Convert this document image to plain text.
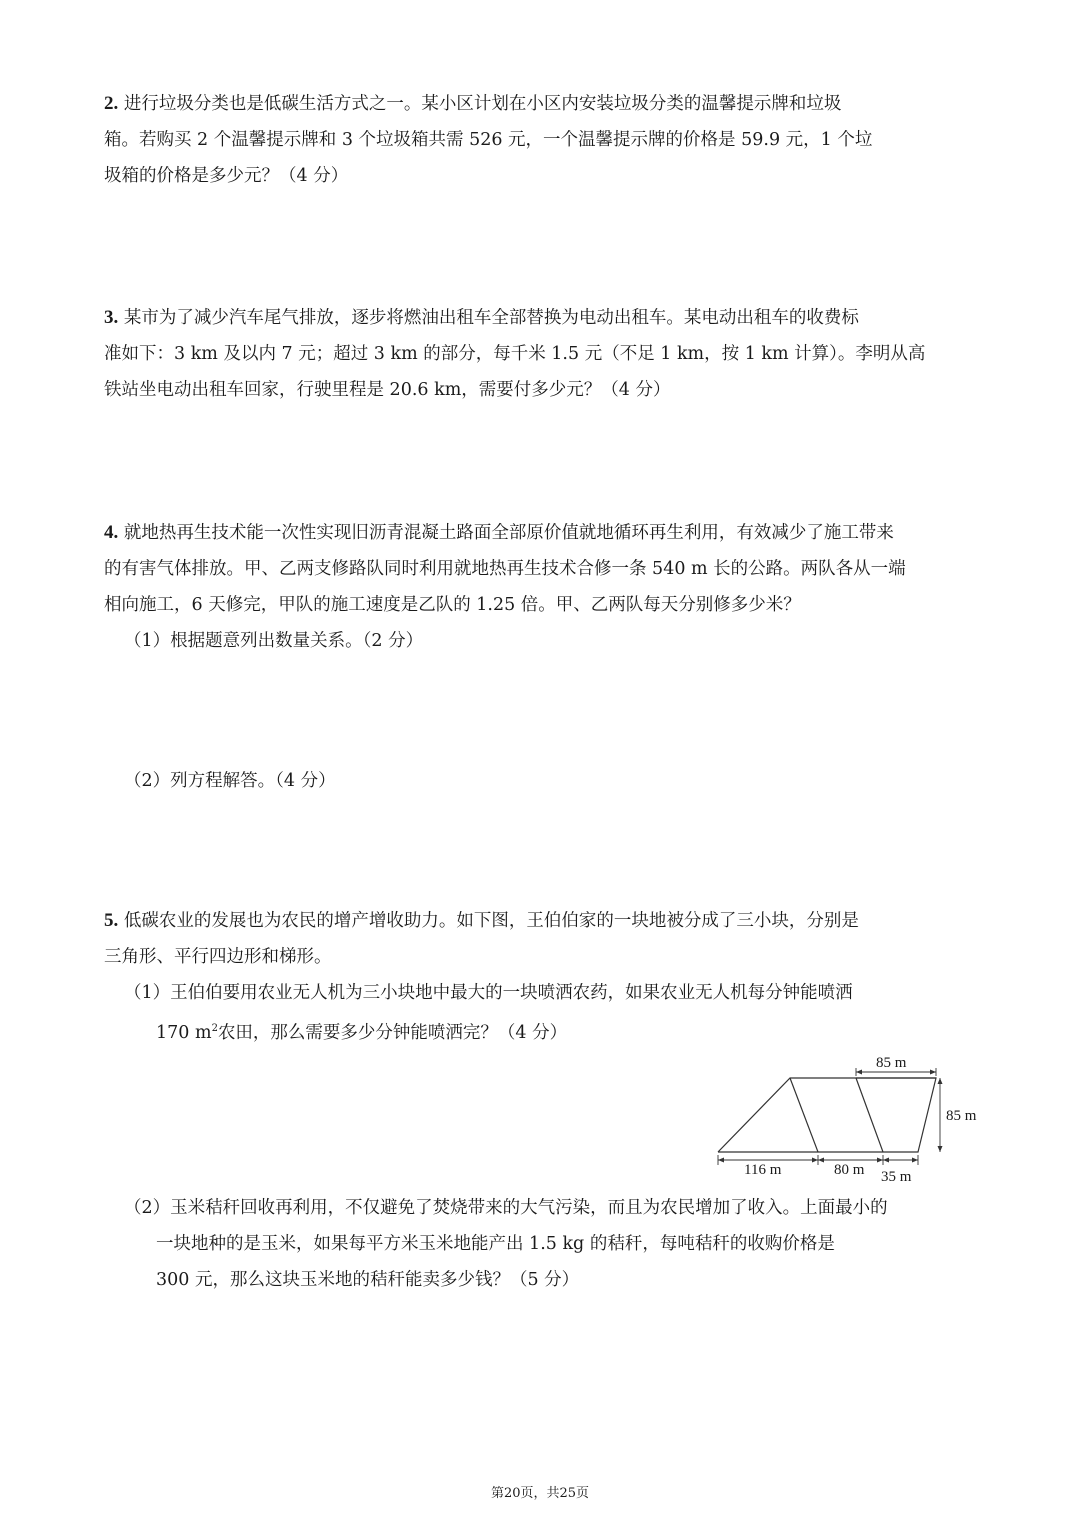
2. 进行垃圾分类也是低碳生活方式之一。某小区计划在小区内安装垃圾分类的温馨提示牌和垃圾
箱。若购买 2 个温馨提示牌和 3 个垃圾箱共需 526 元，一个温馨提示牌的价格是 59.9 元，1 个垃
圾箱的价格是多少元？（4 分）
3. 某市为了减少汽车尾气排放，逐步将燃油出租车全部替换为电动出租车。某电动出租车的收费标
准如下：3 km 及以内 7 元；超过 3 km 的部分，每千米 1.5 元（不足 1 km，按 1 km 计算）。李明从高
铁站坐电动出租车回家，行驶里程是 20.6 km，需要付多少元？（4 分）
4. 就地热再生技术能一次性实现旧沥青混凝土路面全部原价值就地循环再生利用，有效减少了施工带来
的有害气体排放。甲、乙两支修路队同时利用就地热再生技术合修一条 540 m 长的公路。两队各从一端
相向施工，6 天修完，甲队的施工速度是乙队的 1.25 倍。甲、乙两队每天分别修多少米？
（1）根据题意列出数量关系。（2 分）
（2）列方程解答。（4 分）
5. 低碳农业的发展也为农民的增产增收助力。如下图，王伯伯家的一块地被分成了三小块，分别是
三角形、平行四边形和梯形。
（1）王伯伯要用农业无人机为三小块地中最大的一块喷洒农药，如果农业无人机每分钟能喷洒
170 $m^2$农田，那么需要多少分钟能喷洒完？（4 分）
85 m
85 m
116 m	80 m 35 m
（2）玉米秸秆回收再利用，不仅避免了焚烧带来的大气污染，而且为农民增加了收入。上面最小的
一块地种的是玉米，如果每平方米玉米地能产出 1.5 kg 的秸秆，每吨秸秆的收购价格是
300 元，那么这块玉米地的秸秆能卖多少钱？（5 分）
第20页，共25页
